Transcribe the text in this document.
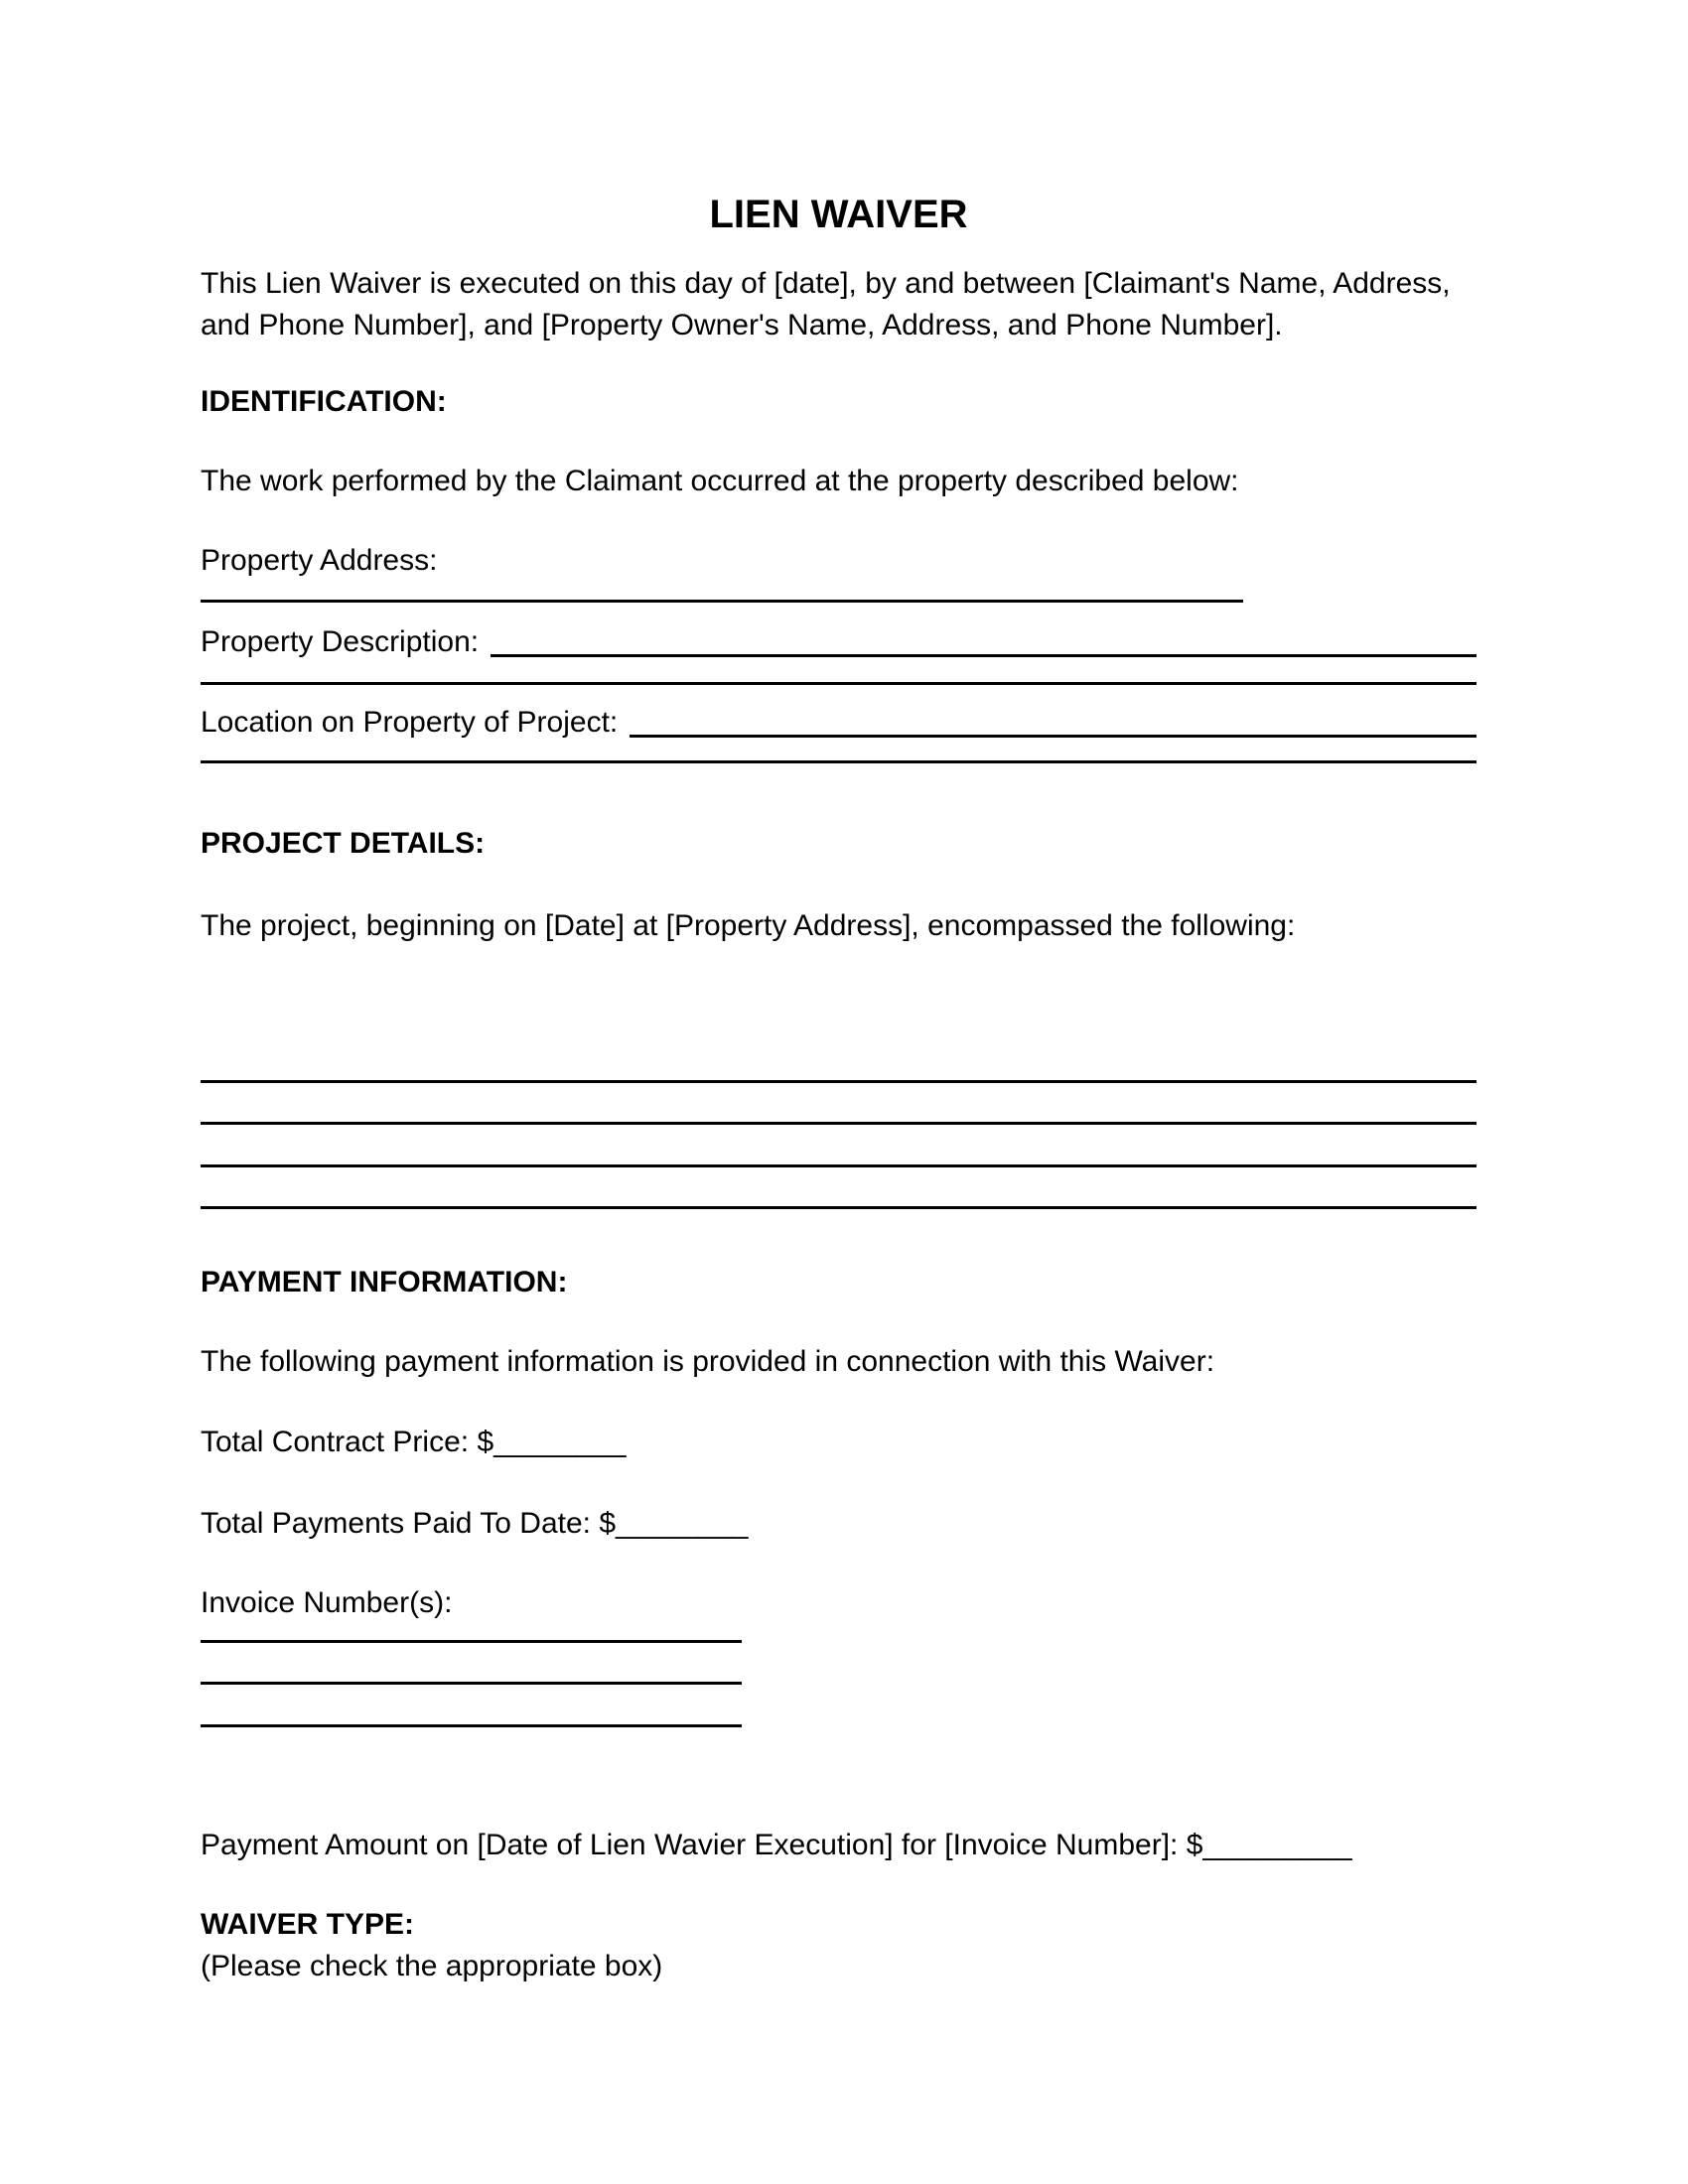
LIEN WAIVER

This Lien Waiver is executed on this day of [date], by and between [Claimant's Name, Address, and Phone Number], and [Property Owner's Name, Address, and Phone Number].

IDENTIFICATION:

The work performed by the Claimant occurred at the property described below:

Property Address:

Property Description:
Location on Property of Project:
PROJECT DETAILS:

The project, beginning on [Date] at [Property Address], encompassed the following:

PAYMENT INFORMATION:

The following payment information is provided in connection with this Waiver:

Total Contract Price: $________

Total Payments Paid To Date: $________

Invoice Number(s):

Payment Amount on [Date of Lien Wavier Execution] for [Invoice Number]: $_________

WAIVER TYPE:

(Please check the appropriate box)
